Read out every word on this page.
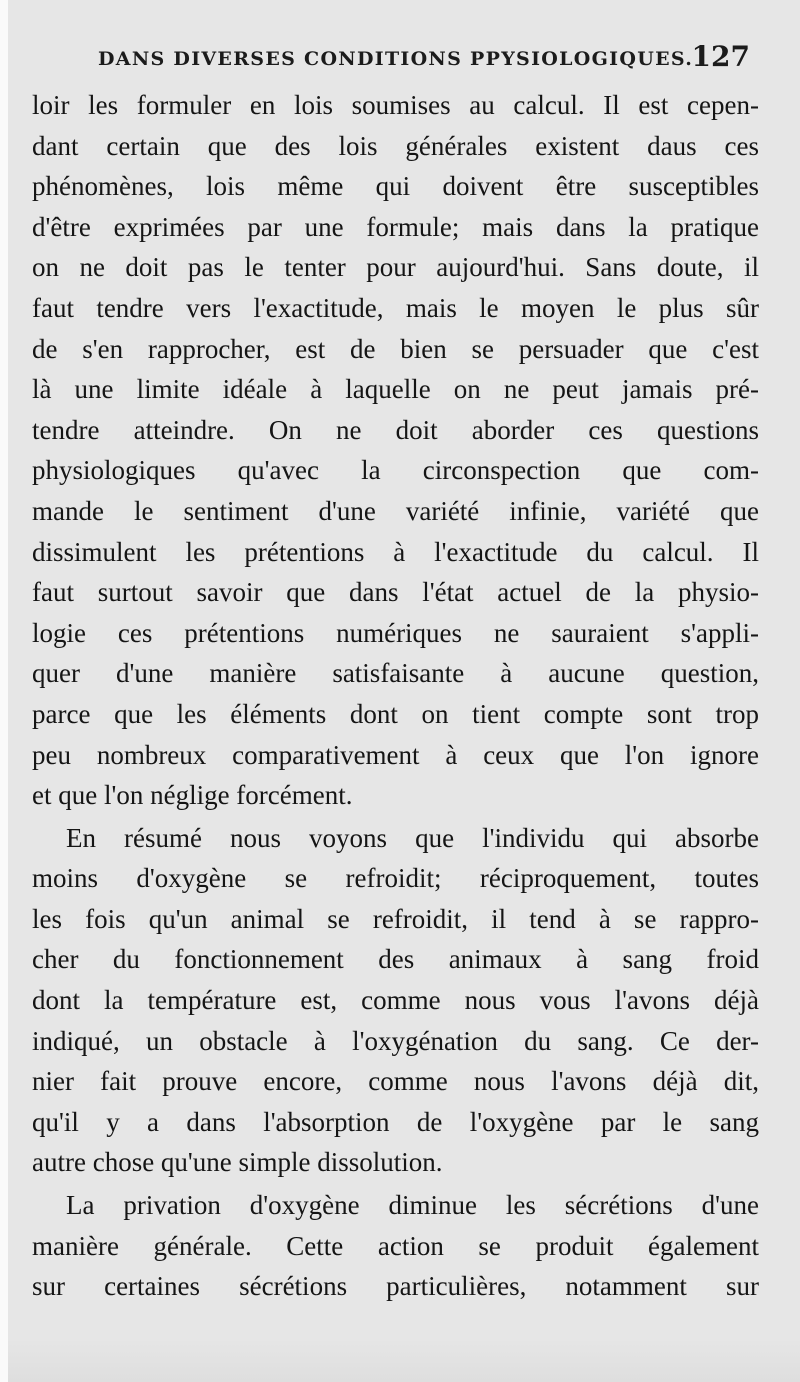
DANS DIVERSES CONDITIONS PPYSIOLOGIQUES.
127
loir les formuler en lois soumises au calcul. Il est cepen-
dant certain que des lois générales existent daus ces
phénomènes, lois même qui doivent être susceptibles
d'être exprimées par une formule; mais dans la pratique
on ne doit pas le tenter pour aujourd'hui. Sans doute, il
faut tendre vers l'exactitude, mais le moyen le plus sûr
de s'en rapprocher, est de bien se persuader que c'est
là une limite idéale à laquelle on ne peut jamais pré-
tendre atteindre. On ne doit aborder ces questions
physiologiques qu'avec la circonspection que com-
mande le sentiment d'une variété infinie, variété que
dissimulent les prétentions à l'exactitude du calcul. Il
faut surtout savoir que dans l'état actuel de la physio-
logie ces prétentions numériques ne sauraient s'appli-
quer d'une manière satisfaisante à aucune question,
parce que les éléments dont on tient compte sont trop
peu nombreux comparativement à ceux que l'on ignore
et que l'on néglige forcément.
En résumé nous voyons que l'individu qui absorbe
moins d'oxygène se refroidit; réciproquement, toutes
les fois qu'un animal se refroidit, il tend à se rappro-
cher du fonctionnement des animaux à sang froid
dont la température est, comme nous vous l'avons déjà
indiqué, un obstacle à l'oxygénation du sang. Ce der-
nier fait prouve encore, comme nous l'avons déjà dit,
qu'il y a dans l'absorption de l'oxygène par le sang
autre chose qu'une simple dissolution.
La privation d'oxygène diminue les sécrétions d'une
manière générale. Cette action se produit également
sur certaines sécrétions particulières, notamment sur
